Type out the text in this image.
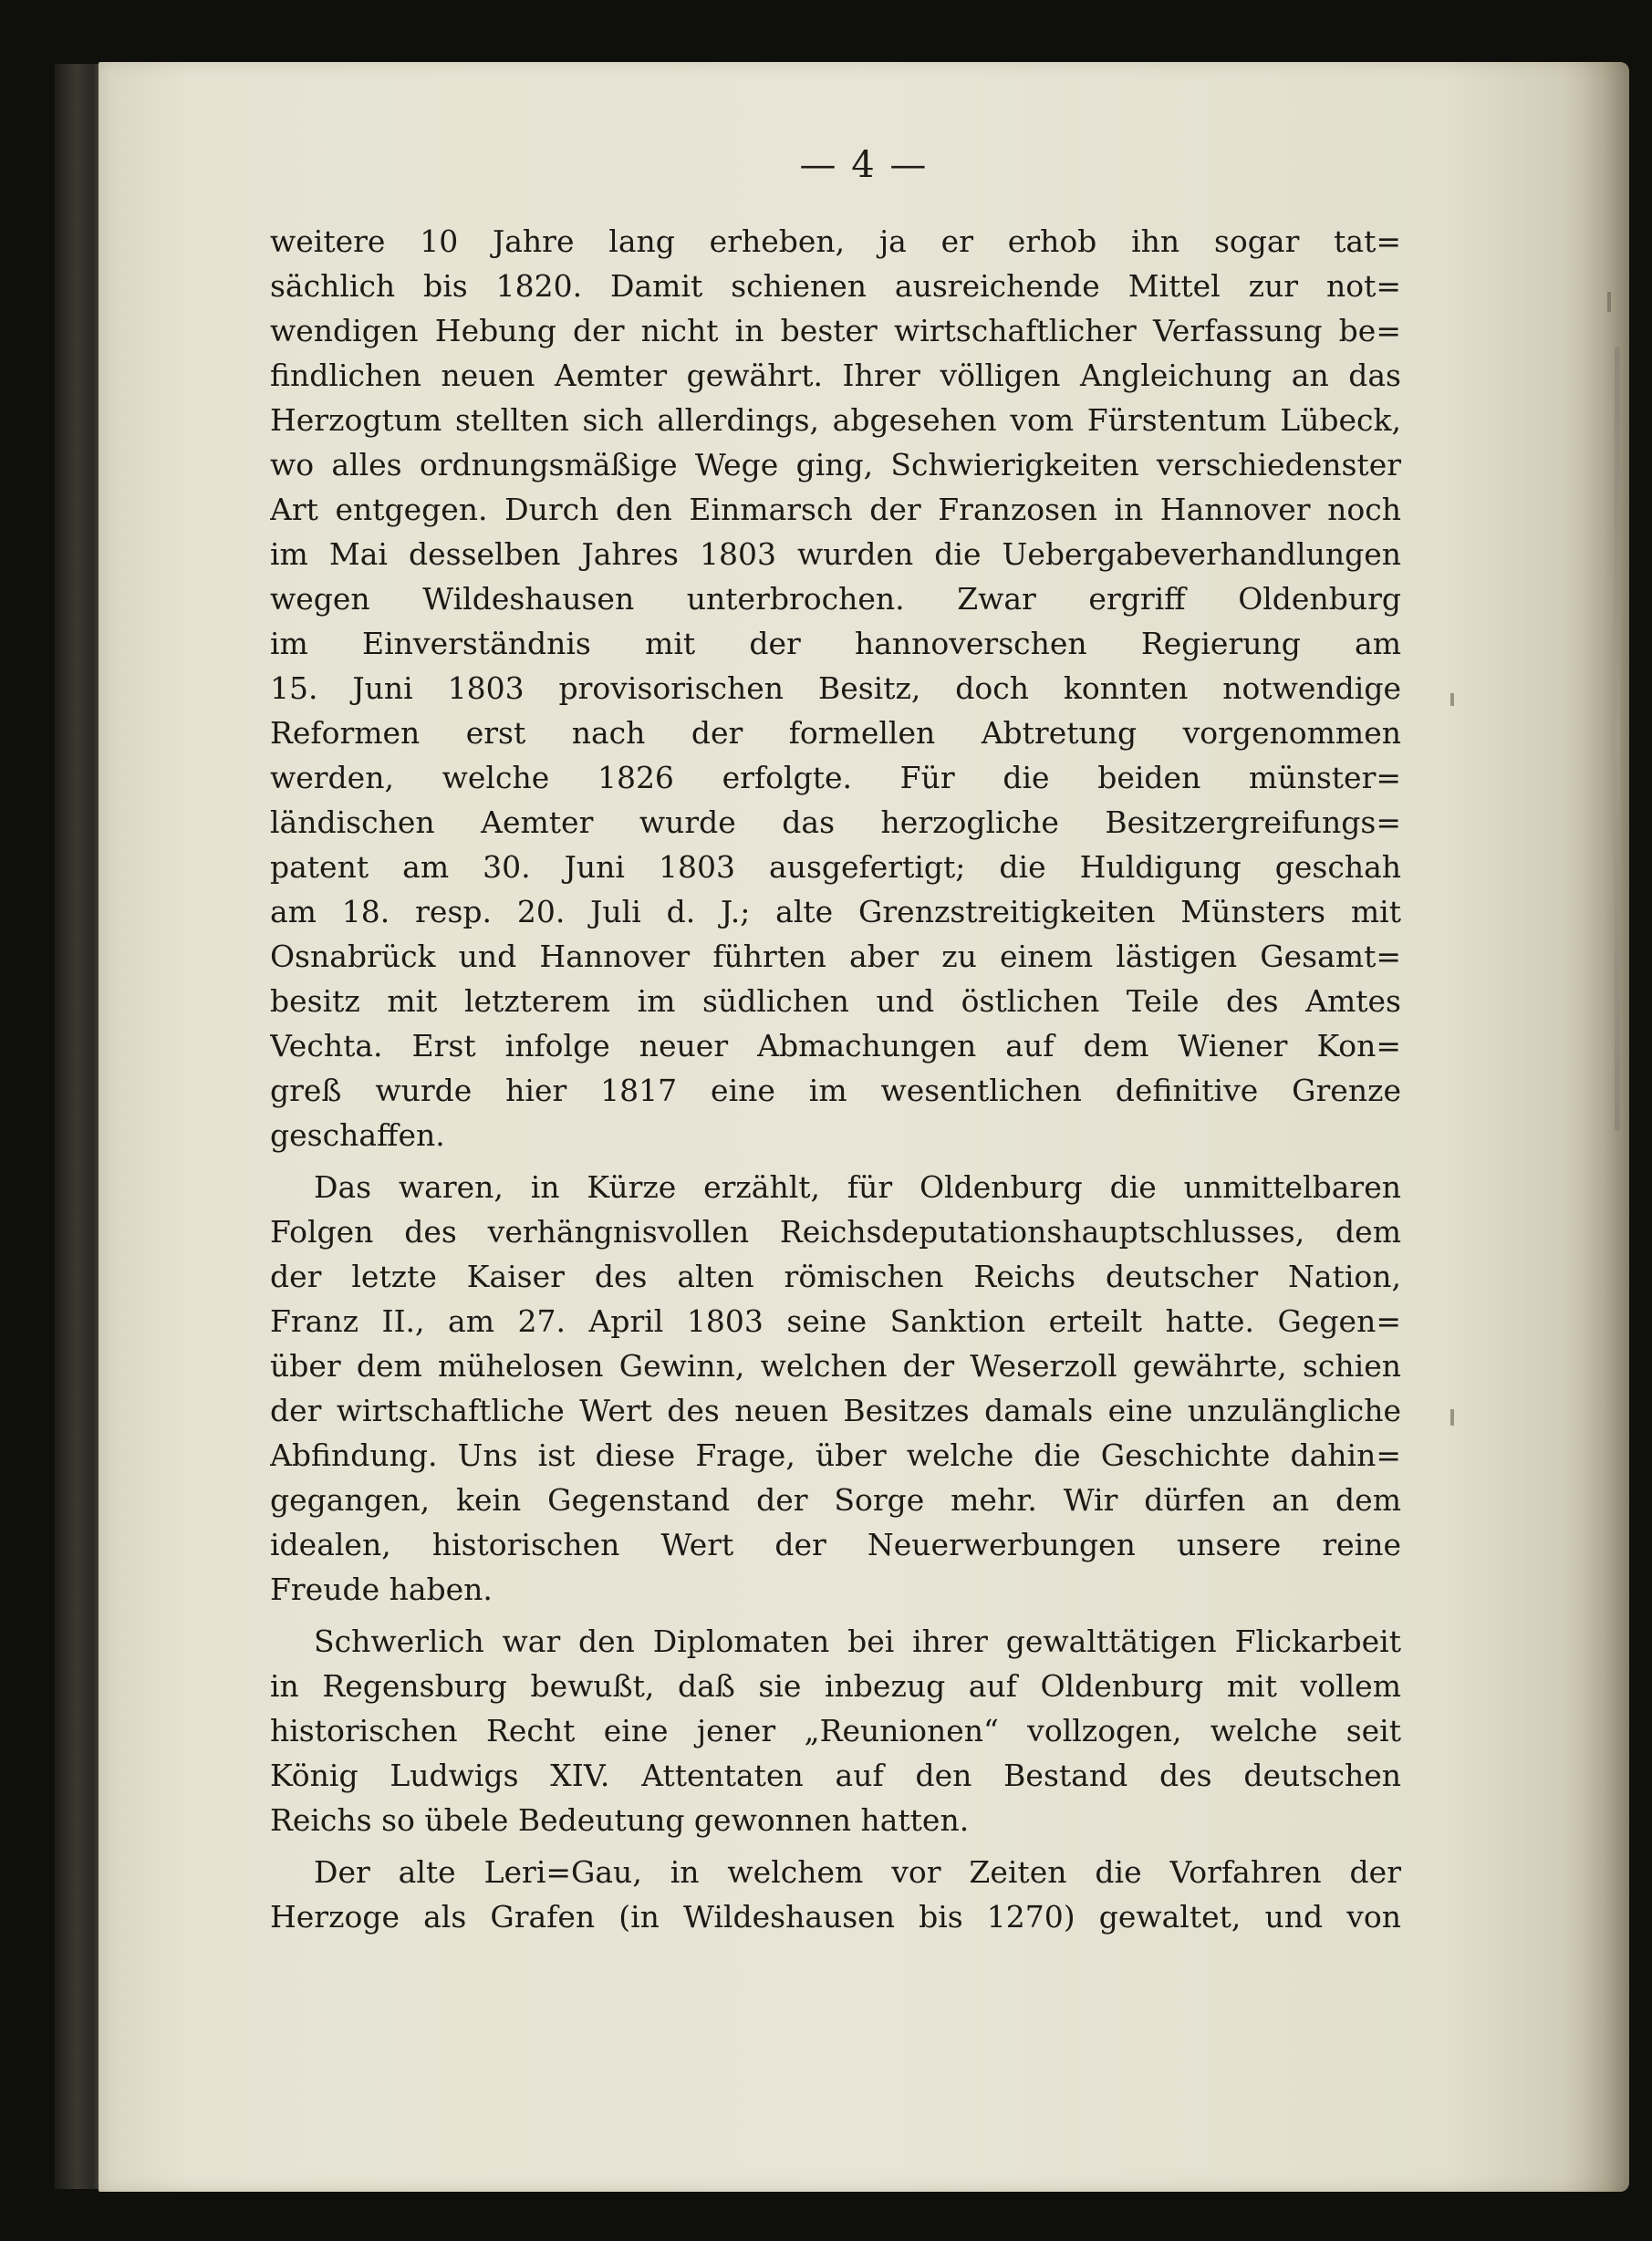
— 4 —
weitere 10 Jahre lang erheben, ja er erhob ihn sogar tat=
sächlich bis 1820. Damit schienen ausreichende Mittel zur not=
wendigen Hebung der nicht in bester wirtschaftlicher Verfassung be=
findlichen neuen Aemter gewährt. Ihrer völligen Angleichung an das
Herzogtum stellten sich allerdings, abgesehen vom Fürstentum Lübeck,
wo alles ordnungsmäßige Wege ging, Schwierigkeiten verschiedenster
Art entgegen. Durch den Einmarsch der Franzosen in Hannover noch
im Mai desselben Jahres 1803 wurden die Uebergabeverhandlungen
wegen Wildeshausen unterbrochen. Zwar ergriff Oldenburg
im Einverständnis mit der hannoverschen Regierung am
15. Juni 1803 provisorischen Besitz, doch konnten notwendige
Reformen erst nach der formellen Abtretung vorgenommen
werden, welche 1826 erfolgte. Für die beiden münster=
ländischen Aemter wurde das herzogliche Besitzergreifungs=
patent am 30. Juni 1803 ausgefertigt; die Huldigung geschah
am 18. resp. 20. Juli d. J.; alte Grenzstreitigkeiten Münsters mit
Osnabrück und Hannover führten aber zu einem lästigen Gesamt=
besitz mit letzterem im südlichen und östlichen Teile des Amtes
Vechta. Erst infolge neuer Abmachungen auf dem Wiener Kon=
greß wurde hier 1817 eine im wesentlichen definitive Grenze
geschaffen.
Das waren, in Kürze erzählt, für Oldenburg die unmittelbaren
Folgen des verhängnisvollen Reichsdeputationshauptschlusses, dem
der letzte Kaiser des alten römischen Reichs deutscher Nation,
Franz II., am 27. April 1803 seine Sanktion erteilt hatte. Gegen=
über dem mühelosen Gewinn, welchen der Weserzoll gewährte, schien
der wirtschaftliche Wert des neuen Besitzes damals eine unzulängliche
Abfindung. Uns ist diese Frage, über welche die Geschichte dahin=
gegangen, kein Gegenstand der Sorge mehr. Wir dürfen an dem
idealen, historischen Wert der Neuerwerbungen unsere reine
Freude haben.
Schwerlich war den Diplomaten bei ihrer gewalttätigen Flickarbeit
in Regensburg bewußt, daß sie inbezug auf Oldenburg mit vollem
historischen Recht eine jener „Reunionen“ vollzogen, welche seit
König Ludwigs XIV. Attentaten auf den Bestand des deutschen
Reichs so übele Bedeutung gewonnen hatten.
Der alte Leri=Gau, in welchem vor Zeiten die Vorfahren der
Herzoge als Grafen (in Wildeshausen bis 1270) gewaltet, und von
